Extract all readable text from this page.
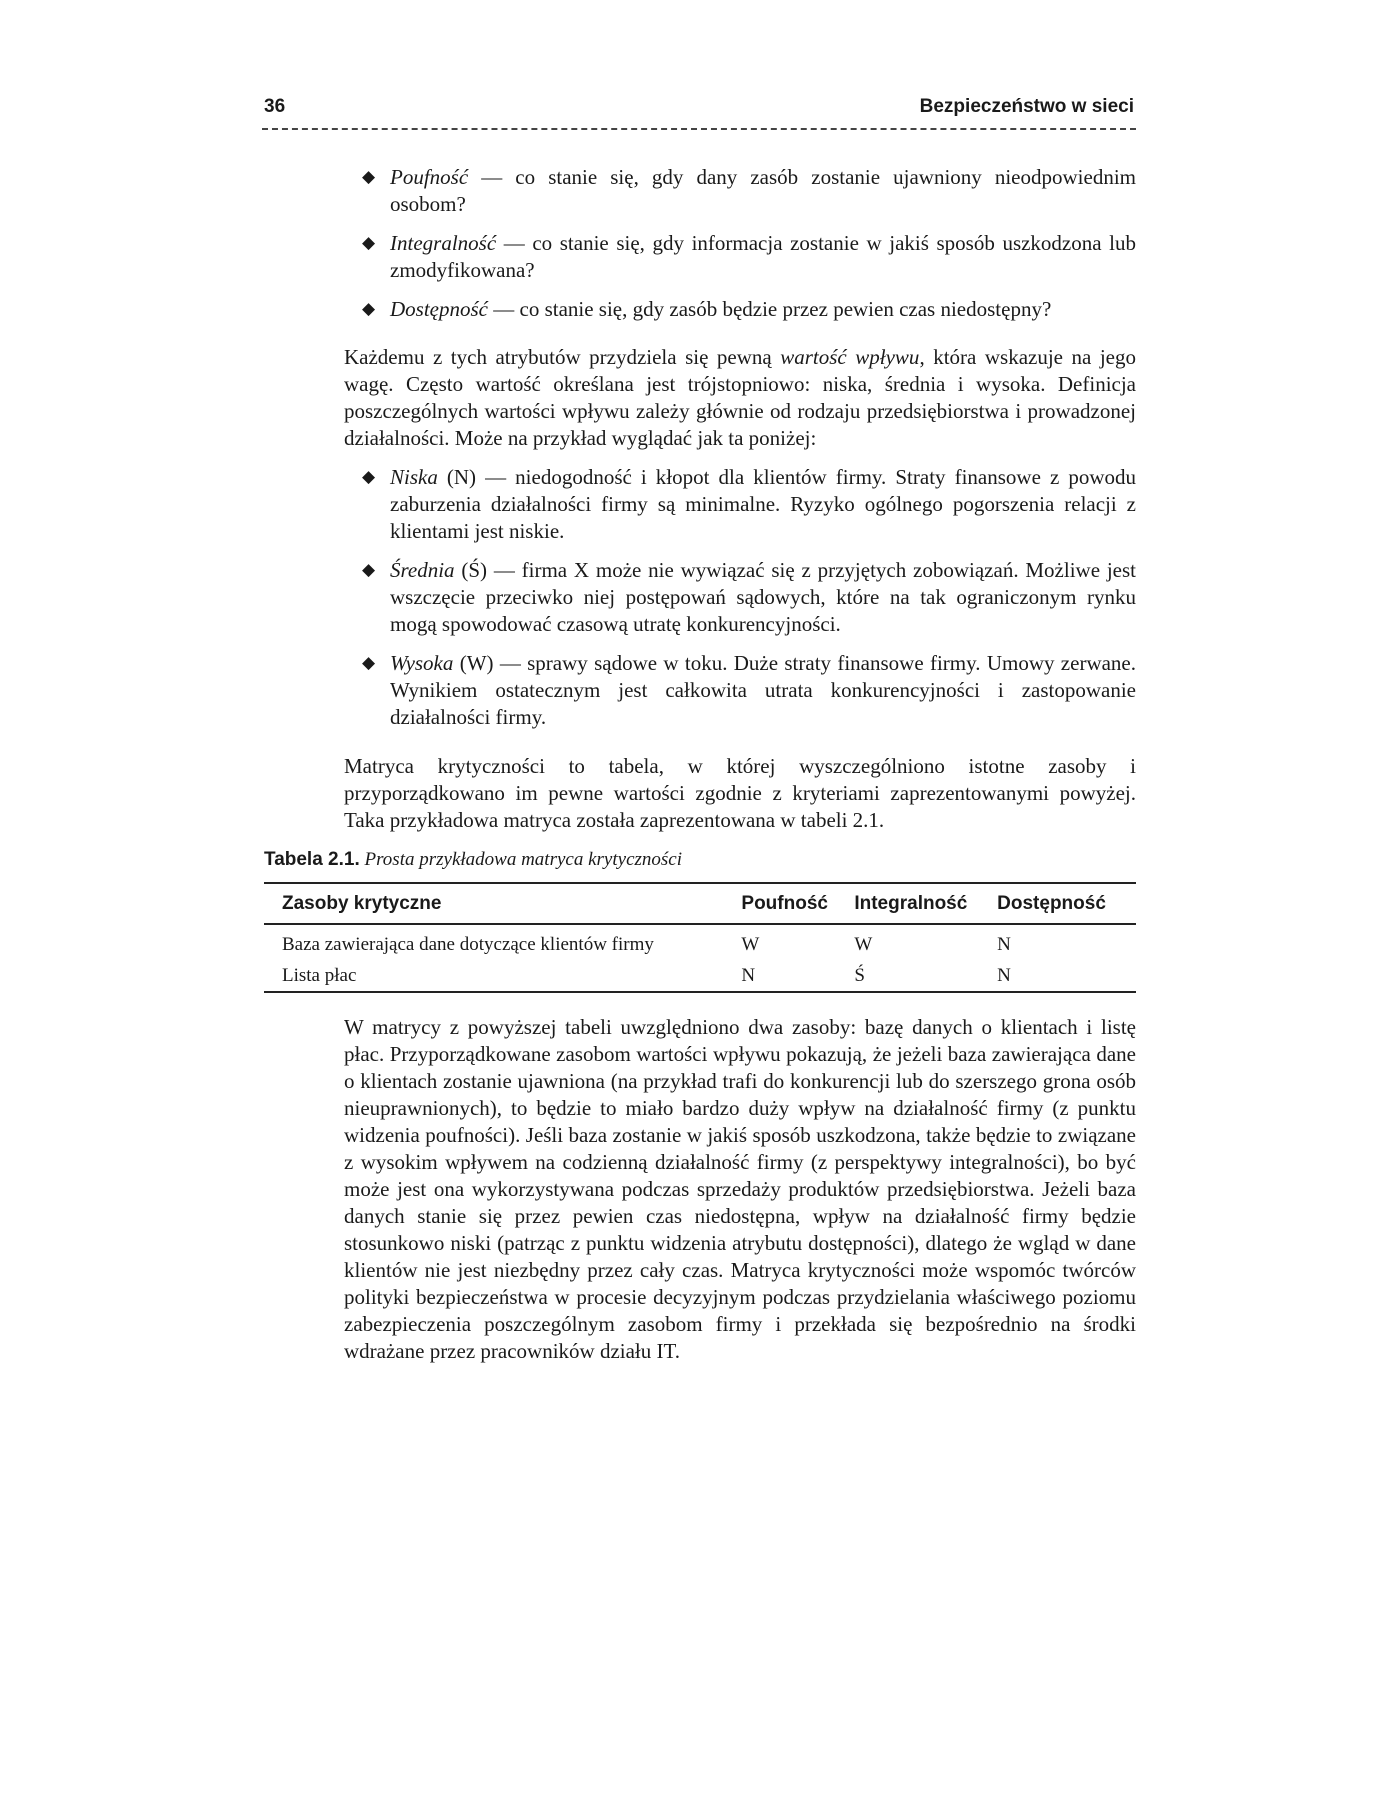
36	Bezpieczeństwo w sieci
◆ Poufność — co stanie się, gdy dany zasób zostanie ujawniony nieodpowiednim osobom?
◆ Integralność — co stanie się, gdy informacja zostanie w jakiś sposób uszkodzona lub zmodyfikowana?
◆ Dostępność — co stanie się, gdy zasób będzie przez pewien czas niedostępny?

Każdemu z tych atrybutów przydziela się pewną wartość wpływu, która wskazuje na jego wagę. Często wartość określana jest trójstopniowo: niska, średnia i wysoka. Definicja poszczególnych wartości wpływu zależy głównie od rodzaju przedsiębiorstwa i prowadzonej działalności. Może na przykład wyglądać jak ta poniżej:

◆ Niska (N) — niedogodność i kłopot dla klientów firmy. Straty finansowe z powodu zaburzenia działalności firmy są minimalne. Ryzyko ogólnego pogorszenia relacji z klientami jest niskie.
◆ Średnia (Ś) — firma X może nie wywiązać się z przyjętych zobowiązań. Możliwe jest wszczęcie przeciwko niej postępowań sądowych, które na tak ograniczonym rynku mogą spowodować czasową utratę konkurencyjności.
◆ Wysoka (W) — sprawy sądowe w toku. Duże straty finansowe firmy. Umowy zerwane. Wynikiem ostatecznym jest całkowita utrata konkurencyjności i zastopowanie działalności firmy.

Matryca krytyczności to tabela, w której wyszczególniono istotne zasoby i przyporządkowano im pewne wartości zgodnie z kryteriami zaprezentowanymi powyżej. Taka przykładowa matryca została zaprezentowana w tabeli 2.1.

Tabela 2.1. Prosta przykładowa matryca krytyczności
Zasoby krytyczne	Poufność	Integralność	Dostępność
Baza zawierająca dane dotyczące klientów firmy	W	W	N
Lista płac	N	Ś	N

W matrycy z powyższej tabeli uwzględniono dwa zasoby: bazę danych o klientach i listę płac. Przyporządkowane zasobom wartości wpływu pokazują, że jeżeli baza zawierająca dane o klientach zostanie ujawniona (na przykład trafi do konkurencji lub do szerszego grona osób nieuprawnionych), to będzie to miało bardzo duży wpływ na działalność firmy (z punktu widzenia poufności). Jeśli baza zostanie w jakiś sposób uszkodzona, także będzie to związane z wysokim wpływem na codzienną działalność firmy (z perspektywy integralności), bo być może jest ona wykorzystywana podczas sprzedaży produktów przedsiębiorstwa. Jeżeli baza danych stanie się przez pewien czas niedostępna, wpływ na działalność firmy będzie stosunkowo niski (patrząc z punktu widzenia atrybutu dostępności), dlatego że wgląd w dane klientów nie jest niezbędny przez cały czas. Matryca krytyczności może wspomóc twórców polityki bezpieczeństwa w procesie decyzyjnym podczas przydzielania właściwego poziomu zabezpieczenia poszczególnym zasobom firmy i przekłada się bezpośrednio na środki wdrażane przez pracowników działu IT.
